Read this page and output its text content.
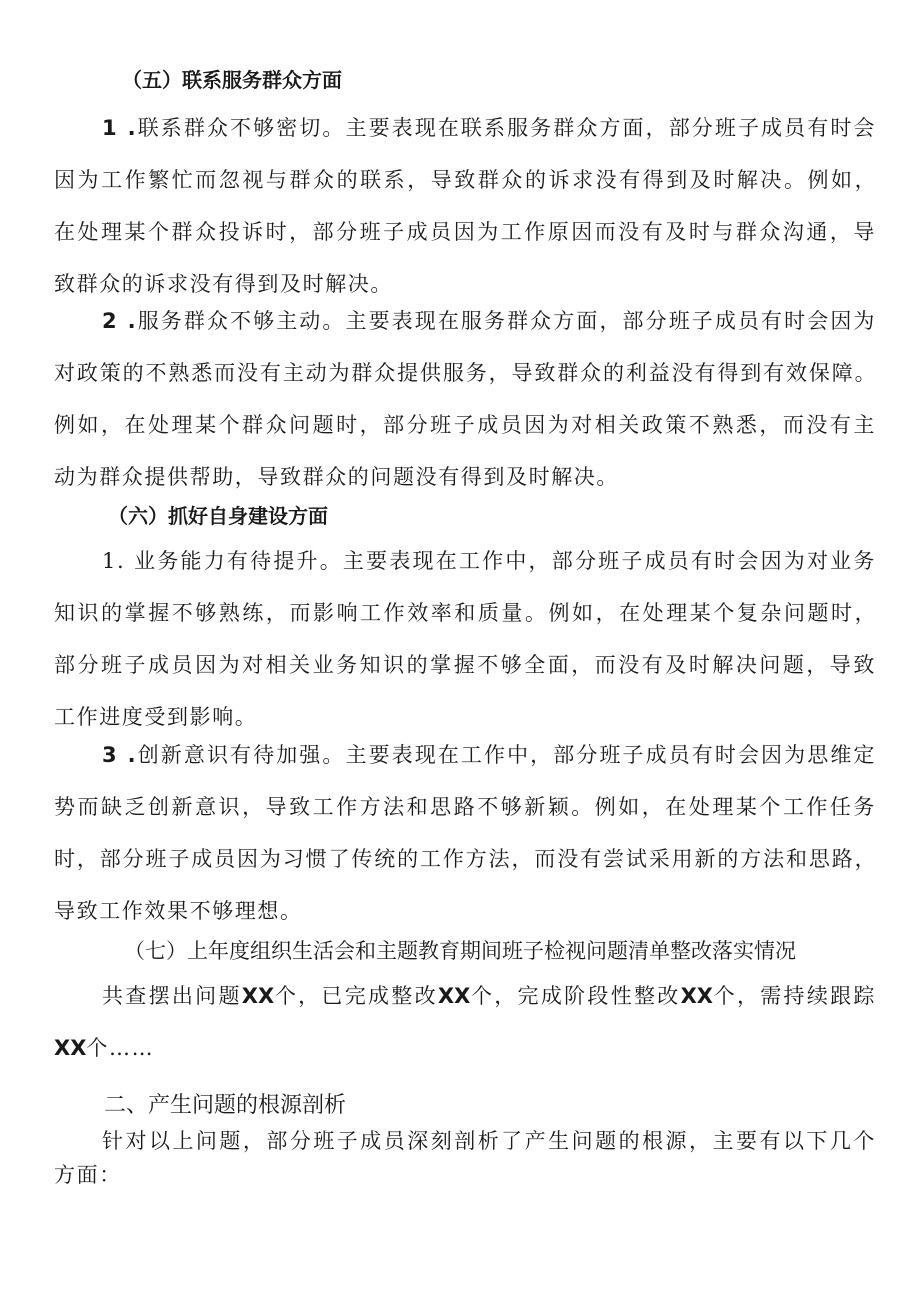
（五）联系服务群众方面
1 .联系群众不够密切。主要表现在联系服务群众方面，部分班子成员有时会
因为工作繁忙而忽视与群众的联系，导致群众的诉求没有得到及时解决。例如，
在处理某个群众投诉时，部分班子成员因为工作原因而没有及时与群众沟通，导
致群众的诉求没有得到及时解决。
2 .服务群众不够主动。主要表现在服务群众方面，部分班子成员有时会因为
对政策的不熟悉而没有主动为群众提供服务，导致群众的利益没有得到有效保障。
例如，在处理某个群众问题时，部分班子成员因为对相关政策不熟悉，而没有主
动为群众提供帮助，导致群众的问题没有得到及时解决。
（六）抓好自身建设方面
1. 业务能力有待提升。主要表现在工作中，部分班子成员有时会因为对业务
知识的掌握不够熟练，而影响工作效率和质量。例如，在处理某个复杂问题时，
部分班子成员因为对相关业务知识的掌握不够全面，而没有及时解决问题，导致
工作进度受到影响。
3 .创新意识有待加强。主要表现在工作中，部分班子成员有时会因为思维定
势而缺乏创新意识，导致工作方法和思路不够新颖。例如，在处理某个工作任务
时，部分班子成员因为习惯了传统的工作方法，而没有尝试采用新的方法和思路，
导致工作效果不够理想。
（七）上年度组织生活会和主题教育期间班子检视问题清单整改落实情况
共查摆出问题XX个，已完成整改XX个，完成阶段性整改XX个，需持续跟踪
XX个……
二、产生问题的根源剖析
针对以上问题，部分班子成员深刻剖析了产生问题的根源，主要有以下几个
方面：
